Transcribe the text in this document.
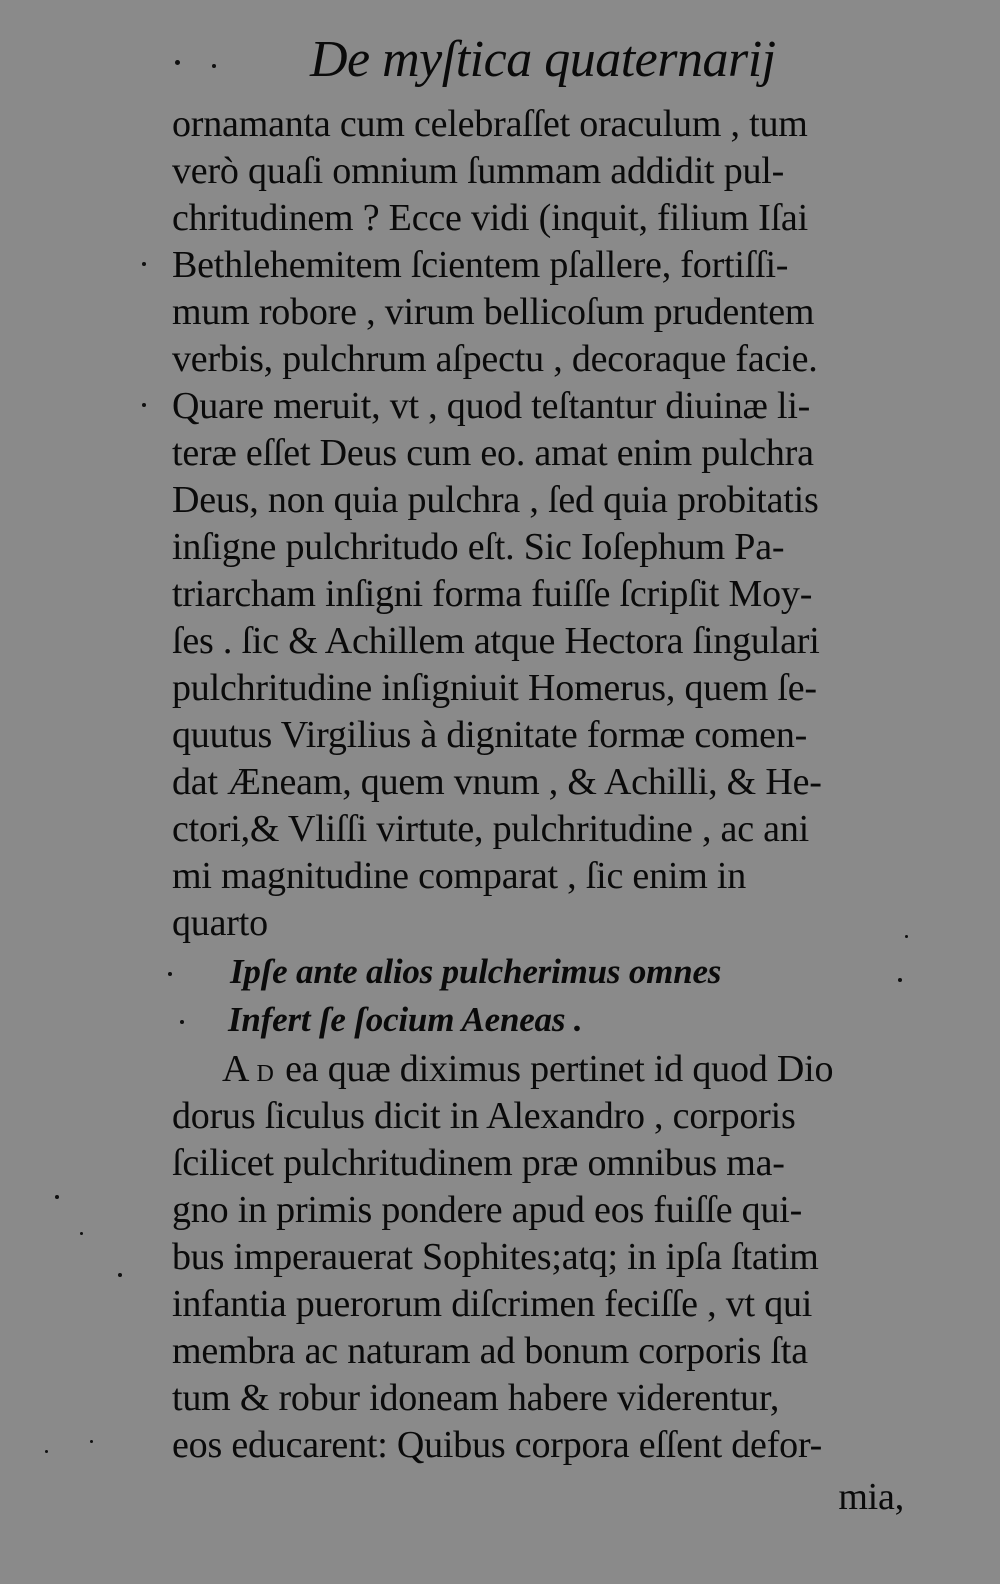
De myſtica quaternarij
ornamanta cum celebraſſet oraculum , tum
verò quaſi omnium ſummam addidit pul-
chritudinem ? Ecce vidi (inquit, filium Iſai
Bethlehemitem ſcientem pſallere, fortiſſi-
mum robore , virum bellicoſum prudentem
verbis, pulchrum aſpectu , decoraque facie.
Quare meruit, vt , quod teſtantur diuinæ li-
teræ eſſet Deus cum eo. amat enim pulchra
Deus, non quia pulchra , ſed quia probitatis
inſigne pulchritudo eſt. Sic Ioſephum Pa-
triarcham inſigni forma fuiſſe ſcripſit Moy-
ſes . ſic & Achillem atque Hectora ſingulari
pulchritudine inſigniuit Homerus, quem ſe-
quutus Virgilius à dignitate formæ comen-
dat Æneam, quem vnum , & Achilli, & He-
ctori,& Vliſſi virtute, pulchritudine , ac ani
mi magnitudine comparat , ſic enim in
quarto
Ipſe ante alios pulcherimus omnes
Infert ſe ſocium Aeneas .
A D ea quæ diximus pertinet id quod Dio
dorus ſiculus dicit in Alexandro , corporis
ſcilicet pulchritudinem præ omnibus ma-
gno in primis pondere apud eos fuiſſe qui-
bus imperauerat Sophites;atq; in ipſa ſtatim
infantia puerorum diſcrimen feciſſe , vt qui
membra ac naturam ad bonum corporis ſta
tum & robur idoneam habere viderentur,
eos educarent: Quibus corpora eſſent defor-
mia,
